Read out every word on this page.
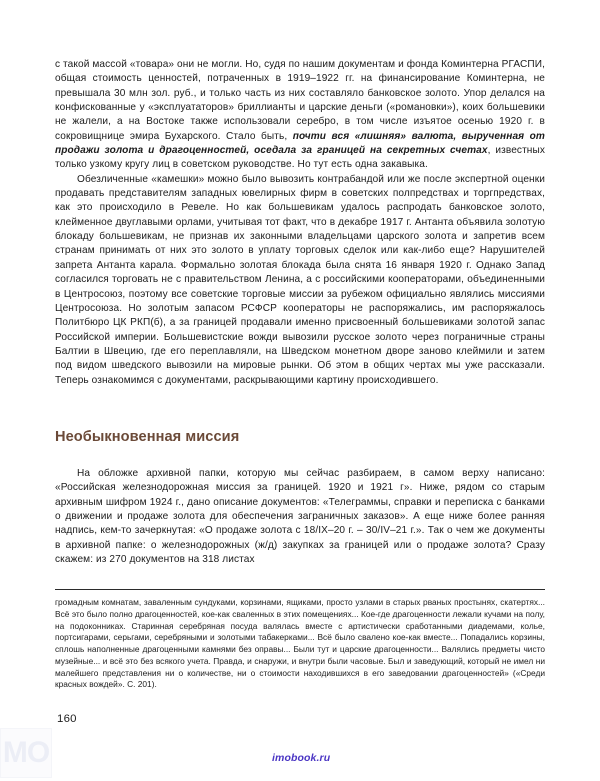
с такой массой «товара» они не могли. Но, судя по нашим документам и фонда Коминтерна РГАСПИ, общая стоимость ценностей, потраченных в 1919–1922 гг. на финансирование Коминтерна, не превышала 30 млн зол. руб., и только часть из них составляло банковское золото. Упор делался на конфискованные у «эксплуататоров» бриллианты и царские деньги («романовки»), коих большевики не жалели, а на Востоке также использовали серебро, в том числе изъятое осенью 1920 г. в сокровищнице эмира Бухарского. Стало быть, почти вся «лишняя» валюта, вырученная от продажи золота и драгоценностей, оседала за границей на секретных счетах, известных только узкому кругу лиц в советском руководстве. Но тут есть одна закавыка.

Обезличенные «камешки» можно было вывозить контрабандой или же после экспертной оценки продавать представителям западных ювелирных фирм в советских полпредствах и торгпредствах, как это происходило в Ревеле. Но как большевикам удалось распродать банковское золото, клейменное двуглавыми орлами, учитывая тот факт, что в декабре 1917 г. Антанта объявила золотую блокаду большевикам, не признав их законными владельцами царского золота и запретив всем странам принимать от них это золото в уплату торговых сделок или как-либо еще? Нарушителей запрета Антанта карала. Формально золотая блокада была снята 16 января 1920 г. Однако Запад согласился торговать не с правительством Ленина, а с российскими кооператорами, объединенными в Центросоюз, поэтому все советские торговые миссии за рубежом официально являлись миссиями Центросоюза. Но золотым запасом РСФСР кооператоры не распоряжались, им распоряжалось Политбюро ЦК РКП(б), а за границей продавали именно присвоенный большевиками золотой запас Российской империи. Большевистские вожди вывозили русское золото через пограничные страны Балтии в Швецию, где его переплавляли, на Шведском монетном дворе заново клеймили и затем под видом шведского вывозили на мировые рынки. Об этом в общих чертах мы уже рассказали. Теперь ознакомимся с документами, раскрывающими картину происходившего.

Необыкновенная миссия

На обложке архивной папки, которую мы сейчас разбираем, в самом верху написано: «Российская железнодорожная миссия за границей. 1920 и 1921 г». Ниже, рядом со старым архивным шифром 1924 г., дано описание документов: «Телеграммы, справки и переписка с банками о движении и продаже золота для обеспечения заграничных заказов». А еще ниже более ранняя надпись, кем-то зачеркнутая: «О продаже золота с 18/IX–20 г. – 30/IV–21 г.». Так о чем же документы в архивной папке: о железнодорожных (ж/д) закупках за границей или о продаже золота? Сразу скажем: из 270 документов на 318 листах

громадным комнатам, заваленным сундуками, корзинами, ящиками, просто узлами в старых рваных простынях, скатертях... Всё это было полно драгоценностей, кое-как сваленных в этих помещениях... Кое-где драгоценности лежали кучами на полу, на подоконниках. Старинная серебряная посуда валялась вместе с артистически сработанными диадемами, колье, портсигарами, серьгами, серебряными и золотыми табакерками... Всё было свалено кое-как вместе... Попадались корзины, сплошь наполненные драгоценными камнями без оправы... Были тут и царские драгоценности... Валялись предметы чисто музейные... и всё это без всякого учета. Правда, и снаружи, и внутри были часовые. Был и заведующий, который не имел ни малейшего представления ни о количестве, ни о стоимости находившихся в его заведовании драгоценностей» («Среди красных вождей». С. 201).

160
MO	imobook.ru
